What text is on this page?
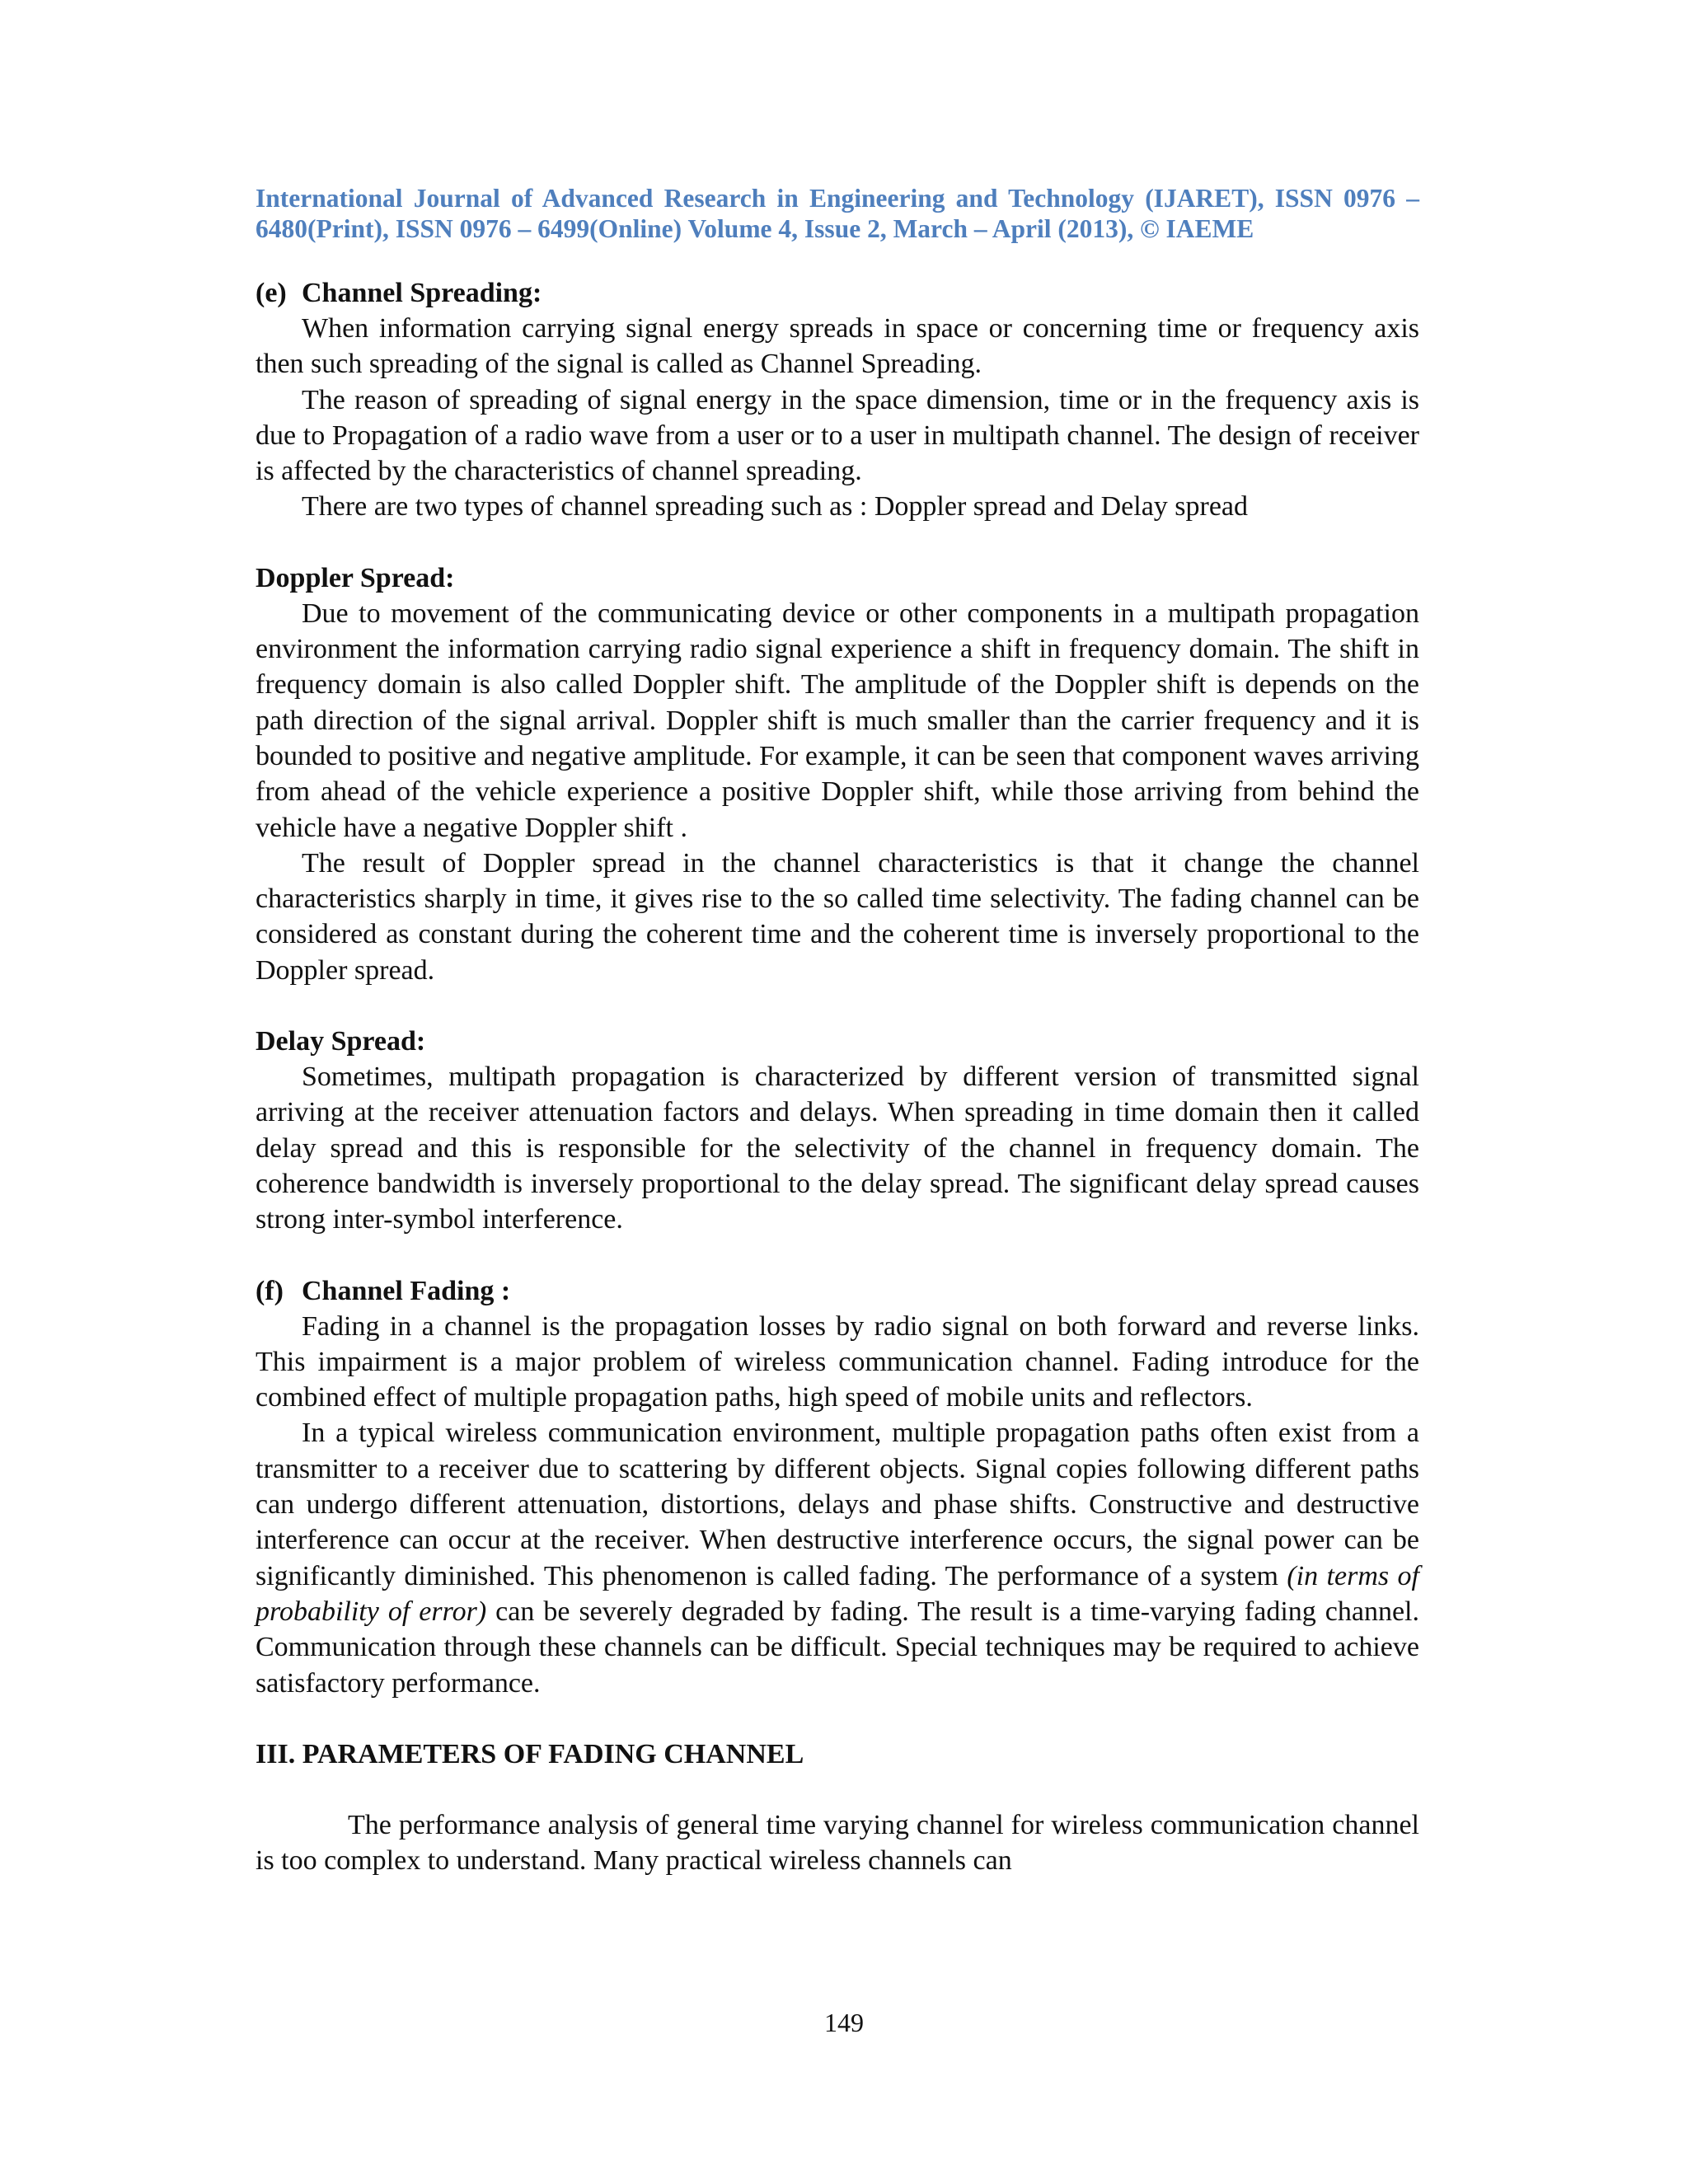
International Journal of Advanced Research in Engineering and Technology (IJARET), ISSN 0976 – 6480(Print), ISSN 0976 – 6499(Online) Volume 4, Issue 2, March – April (2013), © IAEME

(e) Channel Spreading:

When information carrying signal energy spreads in space or concerning time or frequency axis then such spreading of the signal is called as Channel Spreading.

The reason of spreading of signal energy in the space dimension, time or in the frequency axis is due to Propagation of a radio wave from a user or to a user in multipath channel. The design of receiver is affected by the characteristics of channel spreading.

There are two types of channel spreading such as : Doppler spread and Delay spread

Doppler Spread:

Due to movement of the communicating device or other components in a multipath propagation environment the information carrying radio signal experience a shift in frequency domain. The shift in frequency domain is also called Doppler shift. The amplitude of the Doppler shift is depends on the path direction of the signal arrival. Doppler shift is much smaller than the carrier frequency and it is bounded to positive and negative amplitude. For example, it can be seen that component waves arriving from ahead of the vehicle experience a positive Doppler shift, while those arriving from behind the vehicle have a negative Doppler shift .

The result of Doppler spread in the channel characteristics is that it change the channel characteristics sharply in time, it gives rise to the so called time selectivity. The fading channel can be considered as constant during the coherent time and the coherent time is inversely proportional to the Doppler spread.

Delay Spread:

Sometimes, multipath propagation is characterized by different version of transmitted signal arriving at the receiver attenuation factors and delays. When spreading in time domain then it called delay spread and this is responsible for the selectivity of the channel in frequency domain. The coherence bandwidth is inversely proportional to the delay spread. The significant delay spread causes strong inter-symbol interference.

(f) Channel Fading :

Fading in a channel is the propagation losses by radio signal on both forward and reverse links. This impairment is a major problem of wireless communication channel. Fading introduce for the combined effect of multiple propagation paths, high speed of mobile units and reflectors.

In a typical wireless communication environment, multiple propagation paths often exist from a transmitter to a receiver due to scattering by different objects. Signal copies following different paths can undergo different attenuation, distortions, delays and phase shifts. Constructive and destructive interference can occur at the receiver. When destructive interference occurs, the signal power can be significantly diminished. This phenomenon is called fading. The performance of a system (in terms of probability of error) can be severely degraded by fading. The result is a time-varying fading channel. Communication through these channels can be difficult. Special techniques may be required to achieve satisfactory performance.

III. PARAMETERS OF FADING CHANNEL

The performance analysis of general time varying channel for wireless communication channel is too complex to understand. Many practical wireless channels can

149
